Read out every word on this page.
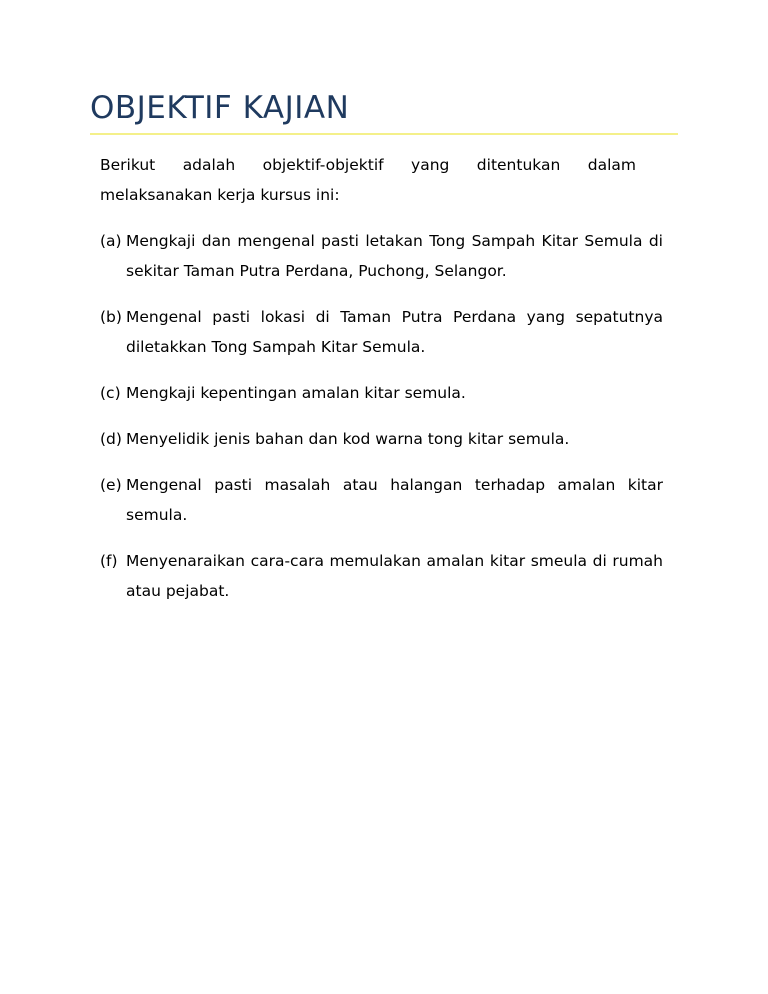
OBJEKTIF KAJIAN

Berikut adalah objektif-objektif yang ditentukan dalam melaksanakan kerja kursus ini:

(a) Mengkaji dan mengenal pasti letakan Tong Sampah Kitar Semula di sekitar Taman Putra Perdana, Puchong, Selangor.
(b) Mengenal pasti lokasi di Taman Putra Perdana yang sepatutnya diletakkan Tong Sampah Kitar Semula.
(c) Mengkaji kepentingan amalan kitar semula.
(d) Menyelidik jenis bahan dan kod warna tong kitar semula.
(e) Mengenal pasti masalah atau halangan terhadap amalan kitar semula.
(f) Menyenaraikan cara-cara memulakan amalan kitar smeula di rumah atau pejabat.
